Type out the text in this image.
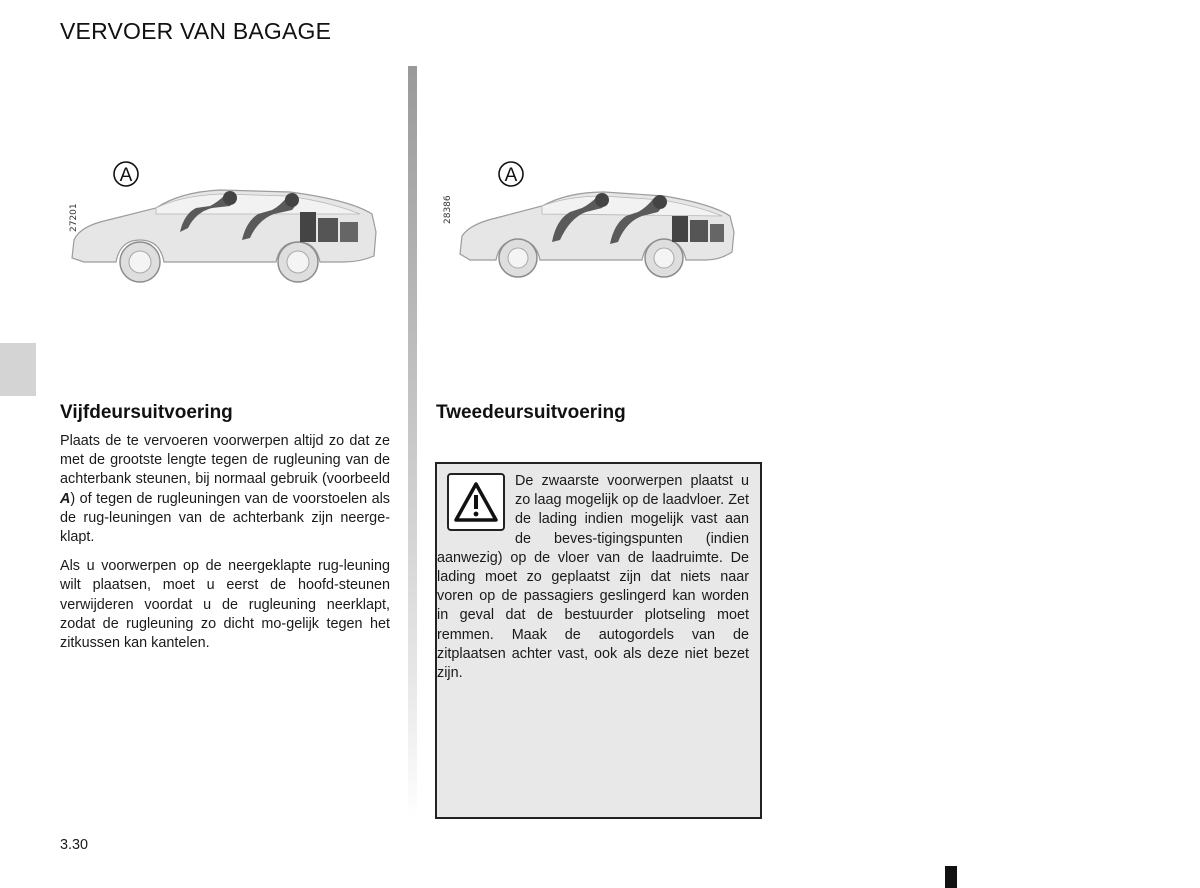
VERVOER VAN BAGAGE
27201
A
28386
A
Vijfdeursuitvoering

Plaats de te vervoeren voorwerpen altijd zo dat ze met de grootste lengte tegen de rugleuning van de achterbank steunen, bij normaal gebruik (voorbeeld A) of tegen de rugleuningen van de voorstoelen als de rug-leuningen van de achterbank zijn neerge-klapt.

Als u voorwerpen op de neergeklapte rug-leuning wilt plaatsen, moet u eerst de hoofd-steunen verwijderen voordat u de rugleuning neerklapt, zodat de rugleuning zo dicht mo-gelijk tegen het zitkussen kan kantelen.

Tweedeursuitvoering
De zwaarste voorwerpen plaatst u zo laag mogelijk op de laadvloer. Zet de lading indien mogelijk vast aan de beves-tigingspunten (indien aanwezig) op de vloer van de laadruimte. De lading moet zo geplaatst zijn dat niets naar voren op de passagiers geslingerd kan worden in geval dat de bestuurder plotseling moet remmen. Maak de autogordels van de zitplaatsen achter vast, ook als deze niet bezet zijn.
3.30
